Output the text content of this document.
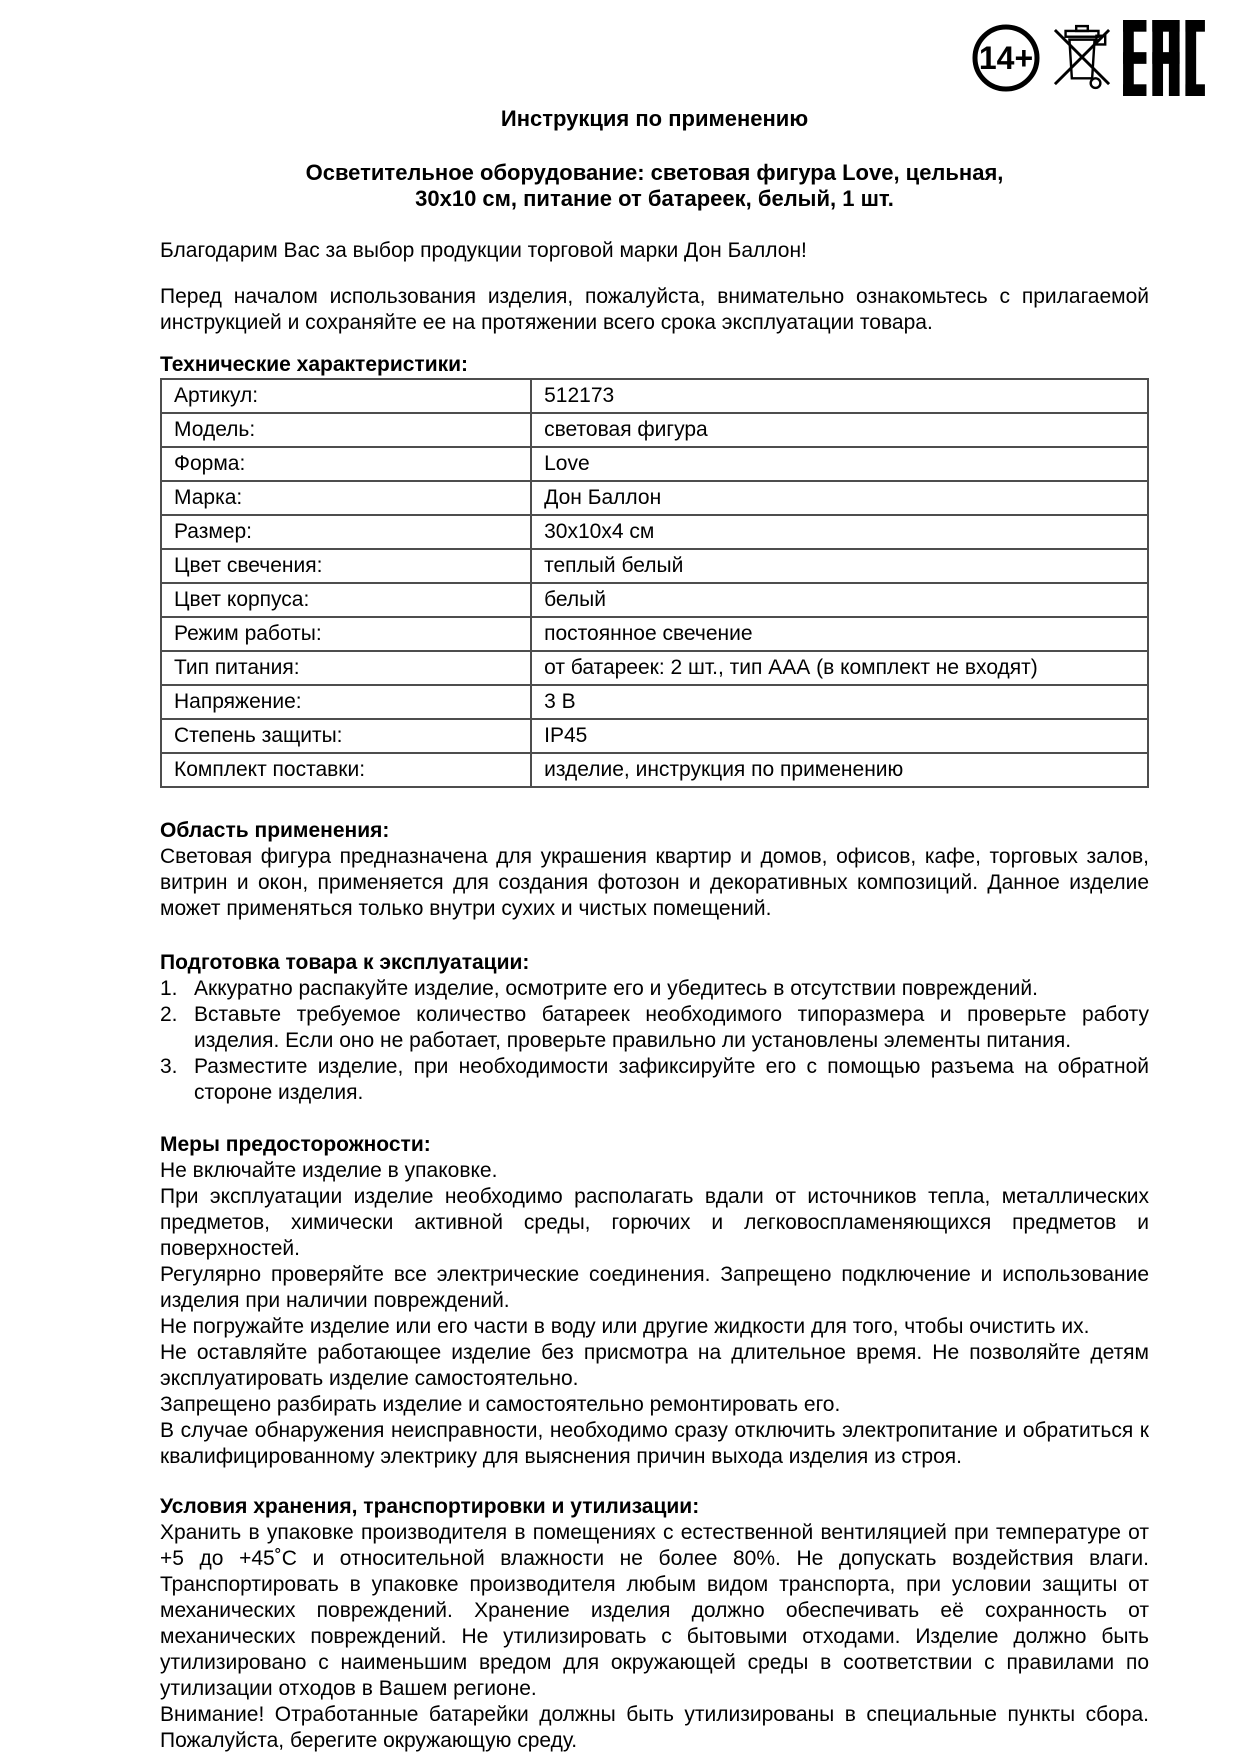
14+
Инструкция по применению
Осветительное оборудование: световая фигура Love, цельная,
30х10 см, питание от батареек, белый, 1 шт.

Благодарим Вас за выбор продукции торговой марки Дон Баллон!

Перед началом использования изделия, пожалуйста, внимательно ознакомьтесь с прилагаемой инструкцией и сохраняйте ее на протяжении всего срока эксплуатации товара.

Технические характеристики:
Артикул:	512173
Модель:	световая фигура
Форма:	Love
Марка:	Дон Баллон
Размер:	30х10х4 см
Цвет свечения:	теплый белый
Цвет корпуса:	белый
Режим работы:	постоянное свечение
Тип питания:	от батареек: 2 шт., тип ААА (в комплект не входят)
Напряжение:	3 В
Степень защиты:	IP45
Комплект поставки:	изделие, инструкция по применению
Область применения:

Световая фигура предназначена для украшения квартир и домов, офисов, кафе, торговых залов, витрин и окон, применяется для создания фотозон и декоративных композиций. Данное изделие может применяться только внутри сухих и чистых помещений.

Подготовка товара к эксплуатации:
1. Аккуратно распакуйте изделие, осмотрите его и убедитесь в отсутствии повреждений.
2. Вставьте требуемое количество батареек необходимого типоразмера и проверьте работу изделия. Если оно не работает, проверьте правильно ли установлены элементы питания.
3. Разместите изделие, при необходимости зафиксируйте его с помощью разъема на обратной стороне изделия.
Меры предосторожности:

Не включайте изделие в упаковке.

При эксплуатации изделие необходимо располагать вдали от источников тепла, металлических предметов, химически активной среды, горючих и легковоспламеняющихся предметов и поверхностей.

Регулярно проверяйте все электрические соединения. Запрещено подключение и использование изделия при наличии повреждений.

Не погружайте изделие или его части в воду или другие жидкости для того, чтобы очистить их.

Не оставляйте работающее изделие без присмотра на длительное время. Не позволяйте детям эксплуатировать изделие самостоятельно.

Запрещено разбирать изделие и самостоятельно ремонтировать его.

В случае обнаружения неисправности, необходимо сразу отключить электропитание и обратиться к квалифицированному электрику для выяснения причин выхода изделия из строя.

Условия хранения, транспортировки и утилизации:

Хранить в упаковке производителя в помещениях с естественной вентиляцией при температуре от +5 до +45˚С и относительной влажности не более 80%. Не допускать воздействия влаги. Транспортировать в упаковке производителя любым видом транспорта, при условии защиты от механических повреждений. Хранение изделия должно обеспечивать её сохранность от механических повреждений. Не утилизировать с бытовыми отходами. Изделие должно быть утилизировано с наименьшим вредом для окружающей среды в соответствии с правилами по утилизации отходов в Вашем регионе.

Внимание! Отработанные батарейки должны быть утилизированы в специальные пункты сбора. Пожалуйста, берегите окружающую среду.
